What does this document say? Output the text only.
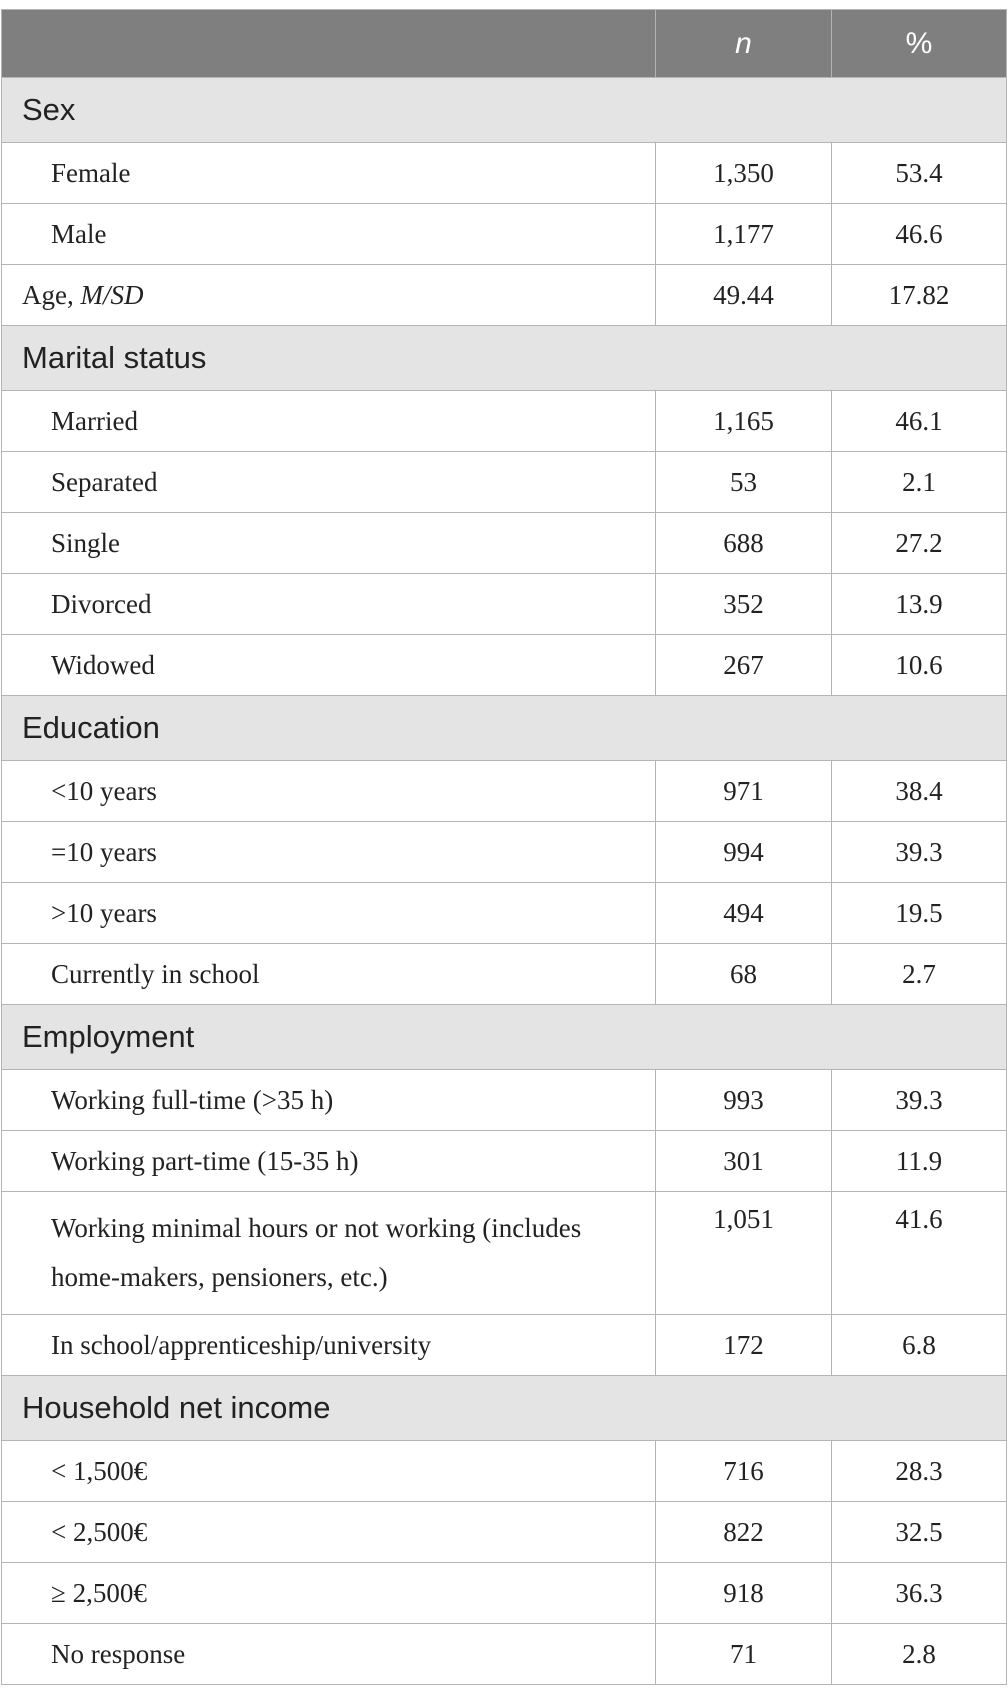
	n	%
Sex		
Female	1,350	53.4
Male	1,177	46.6
Age, M/SD	49.44	17.82
Marital status		
Married	1,165	46.1
Separated	53	2.1
Single	688	27.2
Divorced	352	13.9
Widowed	267	10.6
Education		
<10 years	971	38.4
=10 years	994	39.3
>10 years	494	19.5
Currently in school	68	2.7
Employment		
Working full-time (>35 h)	993	39.3
Working part-time (15-35 h)	301	11.9
Working minimal hours or not working (includes home-makers, pensioners, etc.)	1,051	41.6
In school/apprenticeship/university	172	6.8
Household net income		
< 1,500€	716	28.3
< 2,500€	822	32.5
≥ 2,500€	918	36.3
No response	71	2.8
